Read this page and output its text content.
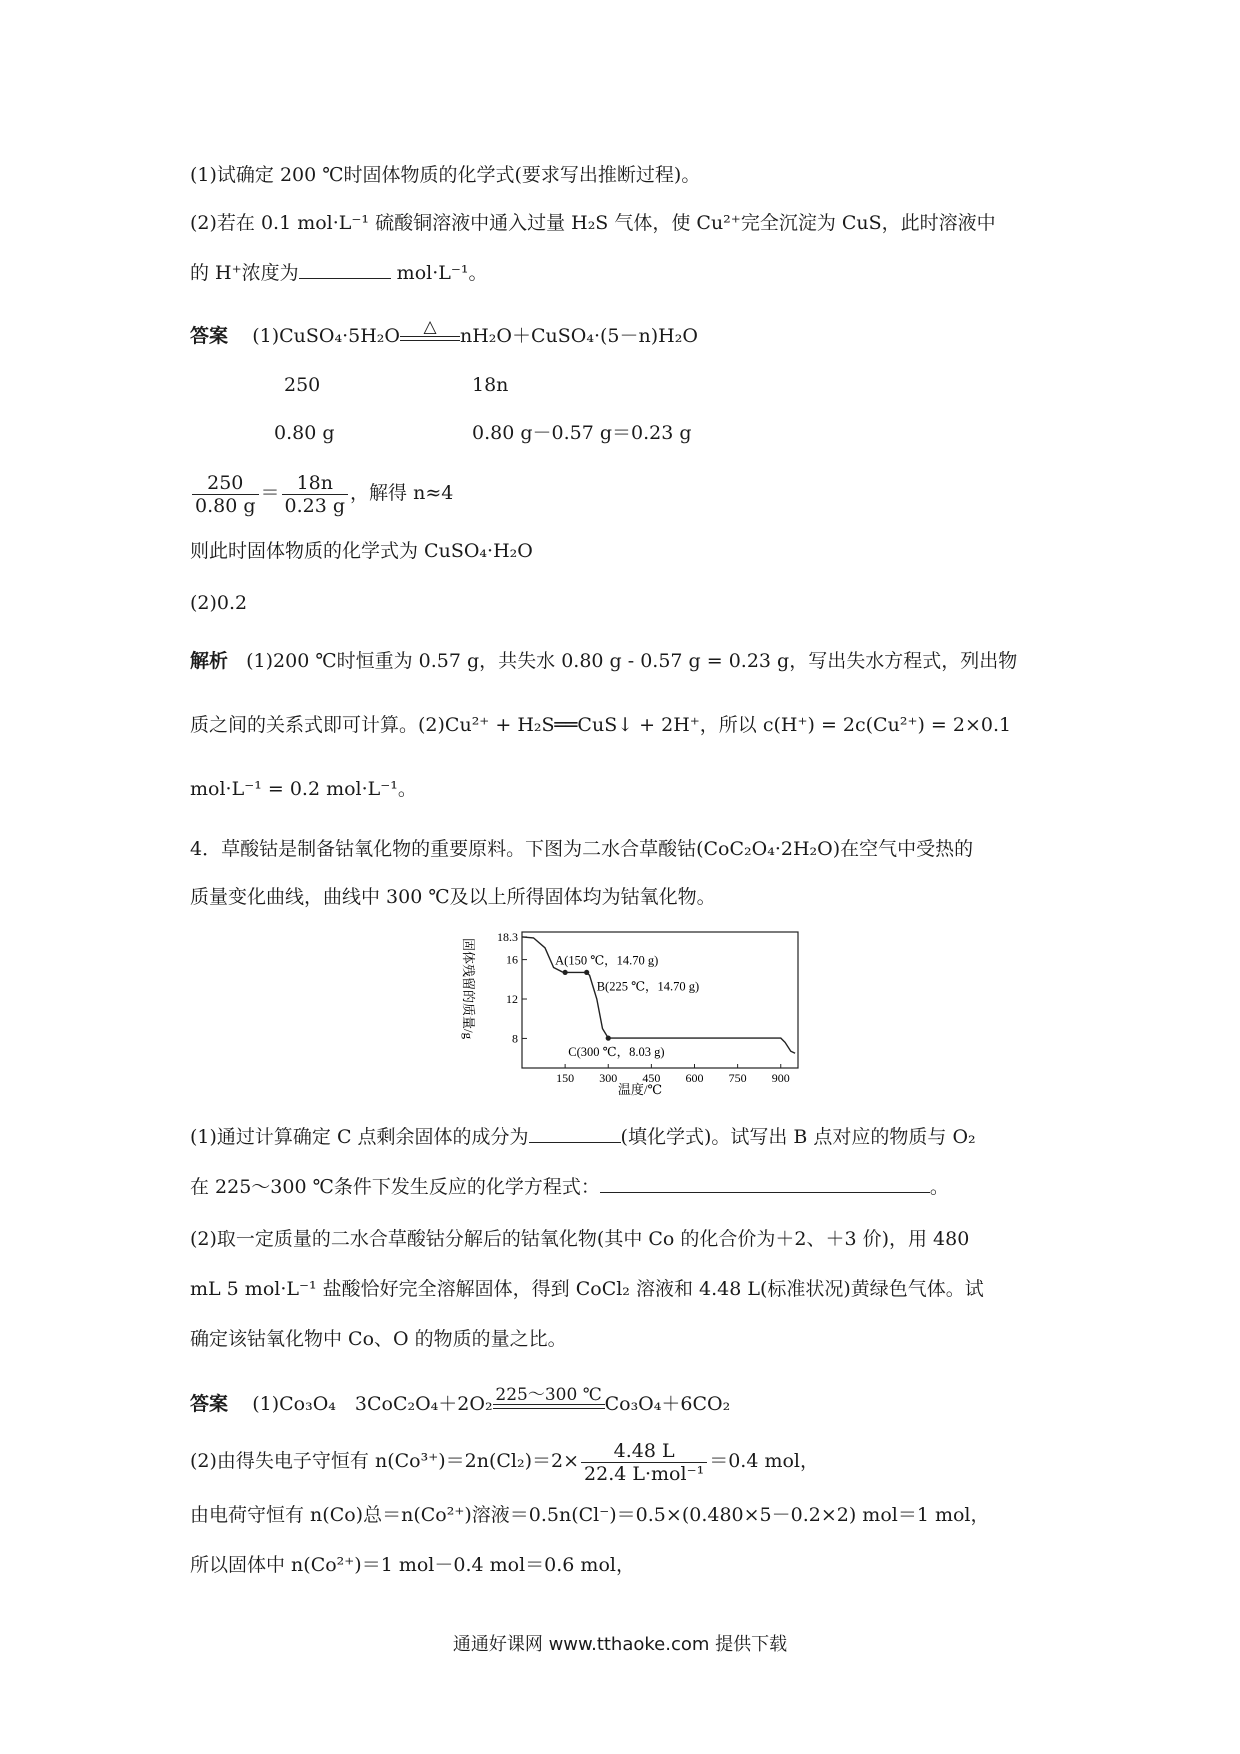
(1)试确定 200 ℃时固体物质的化学式(要求写出推断过程)。
(2)若在 0.1 mol·L⁻¹ 硫酸铜溶液中通入过量 H₂S 气体，使 Cu²⁺完全沉淀为 CuS，此时溶液中
的 H⁺浓度为	mol·L⁻¹。
答案 (1)CuSO₄·5H₂O	△	nH₂O＋CuSO₄·(5－n)H₂O
250	18n
0.80 g	0.80 g－0.57 g＝0.23 g
$\frac{250}{0.80 g} = \frac{18n}{0.23 g}$ ，解得 n≈4
则此时固体物质的化学式为 CuSO₄·H₂O
(2)0.2
解析 (1)200 ℃时恒重为 0.57 g，共失水 0.80 g - 0.57 g = 0.23 g，写出失水方程式，列出物
质之间的关系式即可计算。(2)Cu²⁺ + H₂S══CuS↓ + 2H⁺，所以 c(H⁺) = 2c(Cu²⁺) = 2×0.1
mol·L⁻¹ = 0.2 mol·L⁻¹。
4．草酸钴是制备钴氧化物的重要原料。下图为二水合草酸钴(CoC₂O₄·2H₂O)在空气中受热的
质量变化曲线，曲线中 300 ℃及以上所得固体均为钴氧化物。
固体残留的质量/g
18.3
16
12
8
150 300 450 600 750 900
A(150 ℃，14.70 g)
B(225 ℃，14.70 g)
C(300 ℃，8.03 g)
温度/℃
(1)通过计算确定 C 点剩余固体的成分为	(填化学式)。试写出 B 点对应的物质与 O₂
在 225～300 ℃条件下发生反应的化学方程式：	。
(2)取一定质量的二水合草酸钴分解后的钴氧化物(其中 Co 的化合价为＋2、＋3 价)，用 480
mL 5 mol·L⁻¹ 盐酸恰好完全溶解固体，得到 CoCl₂ 溶液和 4.48 L(标准状况)黄绿色气体。试
确定该钴氧化物中 Co、O 的物质的量之比。
答案 (1)Co₃O₄　3CoC₂O₄＋2O₂ 225～300 ℃ Co₃O₄＋6CO₂
(2)由得失电子守恒有 $n(Co^{3+})=2n(Cl_2)=2\times \frac{4.48 L}{\text{22.4 L·mol⁻¹}} =0.4$ mol，
由电荷守恒有 n(Co)总＝n(Co²⁺)溶液＝0.5n(Cl⁻)＝0.5×(0.480×5－0.2×2) mol＝1 mol，
所以固体中 n(Co²⁺)＝1 mol－0.4 mol＝0.6 mol，
通通好课网 www.tthaoke.com 提供下载
